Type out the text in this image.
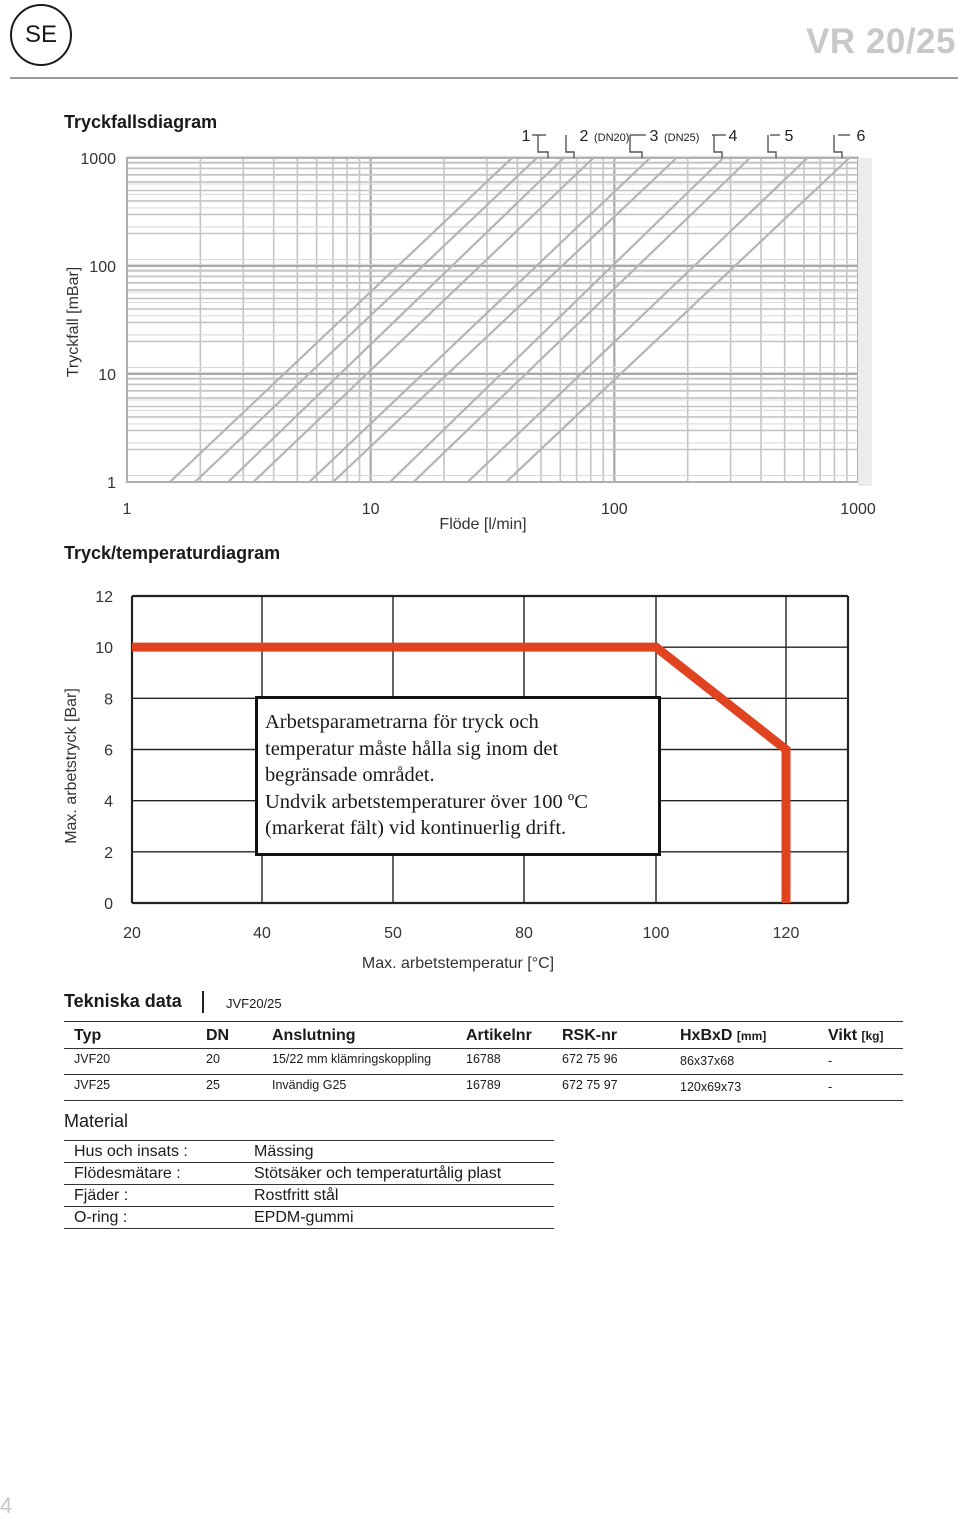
SE	VR 20/25
Tryckfallsdiagram
1	10	100	1000
1000
100
10
1
1	2 (DN20) 3 (DN25) 4	5	6
Flöde [l/min]
Tryckfall [mBar]
Tryck/temperaturdiagram
20	40	50	80	100	120
0
2
4
6
8
10
12
Max. arbetstemperatur [°C]
Max. arbetstryck [Bar]	Arbetsparametrarna för tryck och
temperatur måste hålla sig inom det
begränsade området.
Undvik arbetstemperaturer över 100 ºC
(markerat fält) vid kontinuerlig drift.
Tekniska data	JVF20/25
Typ	DN	Anslutning	Artikelnr	RSK-nr	HxBxD [mm]	Vikt [kg]
JVF20	20	15/22 mm klämringskoppling	16788	672 75 96	86x37x68	-
JVF25	25	Invändig G25	16789	672 75 97	120x69x73	-
Material
Hus och insats :	Mässing
Flödesmätare :	Stötsäker och temperaturtålig plast
Fjäder :	Rostfritt stål
O-ring :	EPDM-gummi
4
